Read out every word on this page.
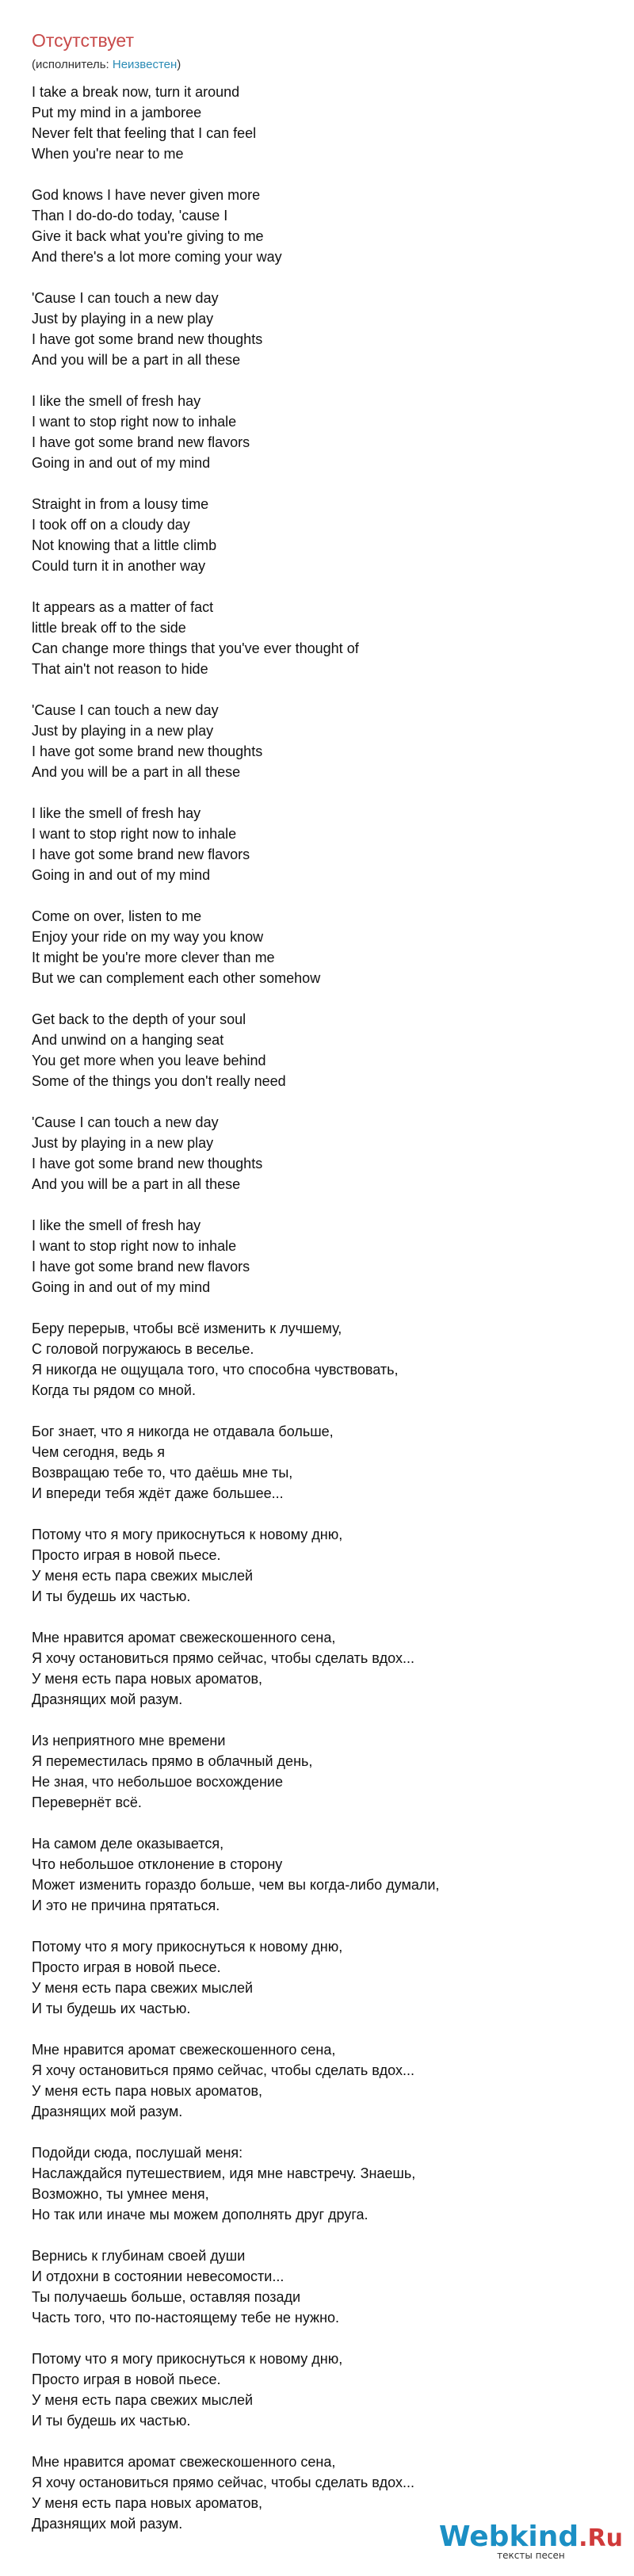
Отсутствует
(исполнитель: Неизвестен)
I take a break now, turn it around
Put my mind in a jamboree
Never felt that feeling that I can feel
When you're near to me
God knows I have never given more
Than I do-do-do today, 'cause I
Give it back what you're giving to me
And there's a lot more coming your way
'Cause I can touch a new day
Just by playing in a new play
I have got some brand new thoughts
And you will be a part in all these
I like the smell of fresh hay
I want to stop right now to inhale
I have got some brand new flavors
Going in and out of my mind
Straight in from a lousy time
I took off on a cloudy day
Not knowing that a little climb
Could turn it in another way
It appears as a matter of fact
little break off to the side
Can change more things that you've ever thought of
That ain't not reason to hide
'Cause I can touch a new day
Just by playing in a new play
I have got some brand new thoughts
And you will be a part in all these
I like the smell of fresh hay
I want to stop right now to inhale
I have got some brand new flavors
Going in and out of my mind
Come on over, listen to me
Enjoy your ride on my way you know
It might be you're more clever than me
But we can complement each other somehow
Get back to the depth of your soul
And unwind on a hanging seat
You get more when you leave behind
Some of the things you don't really need
'Cause I can touch a new day
Just by playing in a new play
I have got some brand new thoughts
And you will be a part in all these
I like the smell of fresh hay
I want to stop right now to inhale
I have got some brand new flavors
Going in and out of my mind
Беру перерыв, чтобы всё изменить к лучшему,
С головой погружаюсь в веселье.
Я никогда не ощущала того, что способна чувствовать,
Когда ты рядом со мной.
Бог знает, что я никогда не отдавала больше,
Чем сегодня, ведь я
Возвращаю тебе то, что даёшь мне ты,
И впереди тебя ждёт даже большее...
Потому что я могу прикоснуться к новому дню,
Просто играя в новой пьесе.
У меня есть пара свежих мыслей
И ты будешь их частью.
Мне нравится аромат свежескошенного сена,
Я хочу остановиться прямо сейчас, чтобы сделать вдох...
У меня есть пара новых ароматов,
Дразнящих мой разум.
Из неприятного мне времени
Я переместилась прямо в облачный день,
Не зная, что небольшое восхождение
Перевернёт всё.
На самом деле оказывается,
Что небольшое отклонение в сторону
Может изменить гораздо больше, чем вы когда-либо думали,
И это не причина прятаться.
Потому что я могу прикоснуться к новому дню,
Просто играя в новой пьесе.
У меня есть пара свежих мыслей
И ты будешь их частью.
Мне нравится аромат свежескошенного сена,
Я хочу остановиться прямо сейчас, чтобы сделать вдох...
У меня есть пара новых ароматов,
Дразнящих мой разум.
Подойди сюда, послушай меня:
Наслаждайся путешествием, идя мне навстречу. Знаешь,
Возможно, ты умнее меня,
Но так или иначе мы можем дополнять друг друга.
Вернись к глубинам своей души
И отдохни в состоянии невесомости...
Ты получаешь больше, оставляя позади
Часть того, что по-настоящему тебе не нужно.
Потому что я могу прикоснуться к новому дню,
Просто играя в новой пьесе.
У меня есть пара свежих мыслей
И ты будешь их частью.
Мне нравится аромат свежескошенного сена,
Я хочу остановиться прямо сейчас, чтобы сделать вдох...
У меня есть пара новых ароматов,
Дразнящих мой разум.	Webkind.Ru
тексты песен
